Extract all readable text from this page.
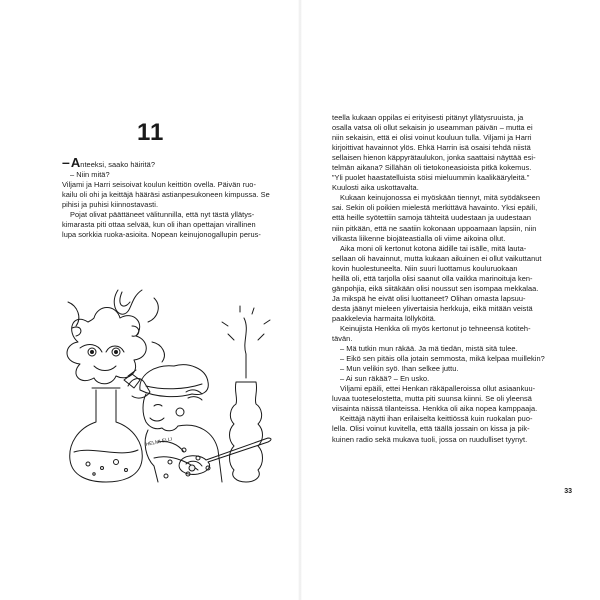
11

–Anteeksi, saako häiritä?
– Niin mitä?

Viljami ja Harri seisoivat koulun keittiön ovella. Päivän ruo-
kailu oli ohi ja keittäjä hääräsi astianpesukoneen kimpussa. Se
pihisi ja puhisi kiinnostavasti.

Pojat olivat päättäneet välitunnilla, että nyt tästä yllätys-
kimarasta piti ottaa selvää, kun oli ihan opettajan virallinen
lupa sorkkia ruoka-asioita. Nopean keinujonogallupin perus-

HELMI ELLI
teella kukaan oppilas ei erityisesti pitänyt yllätysruuista, ja
osalla vatsa oli ollut sekaisin jo useamman päivän – mutta ei
niin sekaisin, että ei olisi voinut kouluun tulla. Viljami ja Harri
kirjoittivat havainnot ylös. Ehkä Harrin isä osaisi tehdä niistä
sellaisen hienon käppyrätaulukon, jonka saattaisi näyttää esi-
telmän aikana? Sillähän oli tietokoneasioista pitkä kokemus.
”Yli puolet haastatelluista söisi mieluummin kaalikääryleitä.”
Kuulosti aika uskottavalta.
Kukaan keinujonossa ei myöskään tiennyt, mitä syödäkseen
sai. Sekin oli poikien mielestä merkittävä havainto. Yksi epäili,
että heille syötettiin samoja tähteitä uudestaan ja uudestaan
niin pitkään, että ne saatiin kokonaan uppoamaan lapsiin, niin
vilkasta liikenne biojäteastialla oli viime aikoina ollut.
Aika moni oli kertonut kotona äidille tai isälle, mitä lauta-
sellaan oli havainnut, mutta kukaan aikuinen ei ollut vaikuttanut
kovin huolestuneelta. Niin suuri luottamus kouluruokaan
heillä oli, että tarjolla olisi saanut olla vaikka marinoituja ken-
gänpohjia, eikä siitäkään olisi noussut sen isompaa mekkalaa.
Ja mikspä he eivät olisi luottaneet? Olihan omasta lapsuu-
desta jäänyt mieleen ylivertaisia herkkuja, eikä mitään veistä
paakkelevia harmaita löllyköitä.
Keinujista Henkka oli myös kertonut jo tehneensä kotiteh-
tävän.
– Mä tutkin mun räkää. Ja mä tiedän, mistä sitä tulee.
– Eikö sen pitäis olla jotain semmosta, mikä kelpaa muillekin?
– Mun velikin syö. Ihan selkee juttu.
– Ai sun räkää? – En usko.
Viljami epäili, ettei Henkan räkäpalleroissa ollut asiaankuu-
luvaa tuoteselostetta, mutta piti suunsa kiinni. Se oli yleensä
viisainta näissä tilanteissa. Henkka oli aika nopea kamppaaja.
Keittäjä näytti ihan erilaiselta keittiössä kuin ruokalan puo-
lella. Olisi voinut kuvitella, että täällä jossain on kissa ja pik-
kuinen radio sekä mukava tuoli, jossa on ruudulliset tyynyt.

33
